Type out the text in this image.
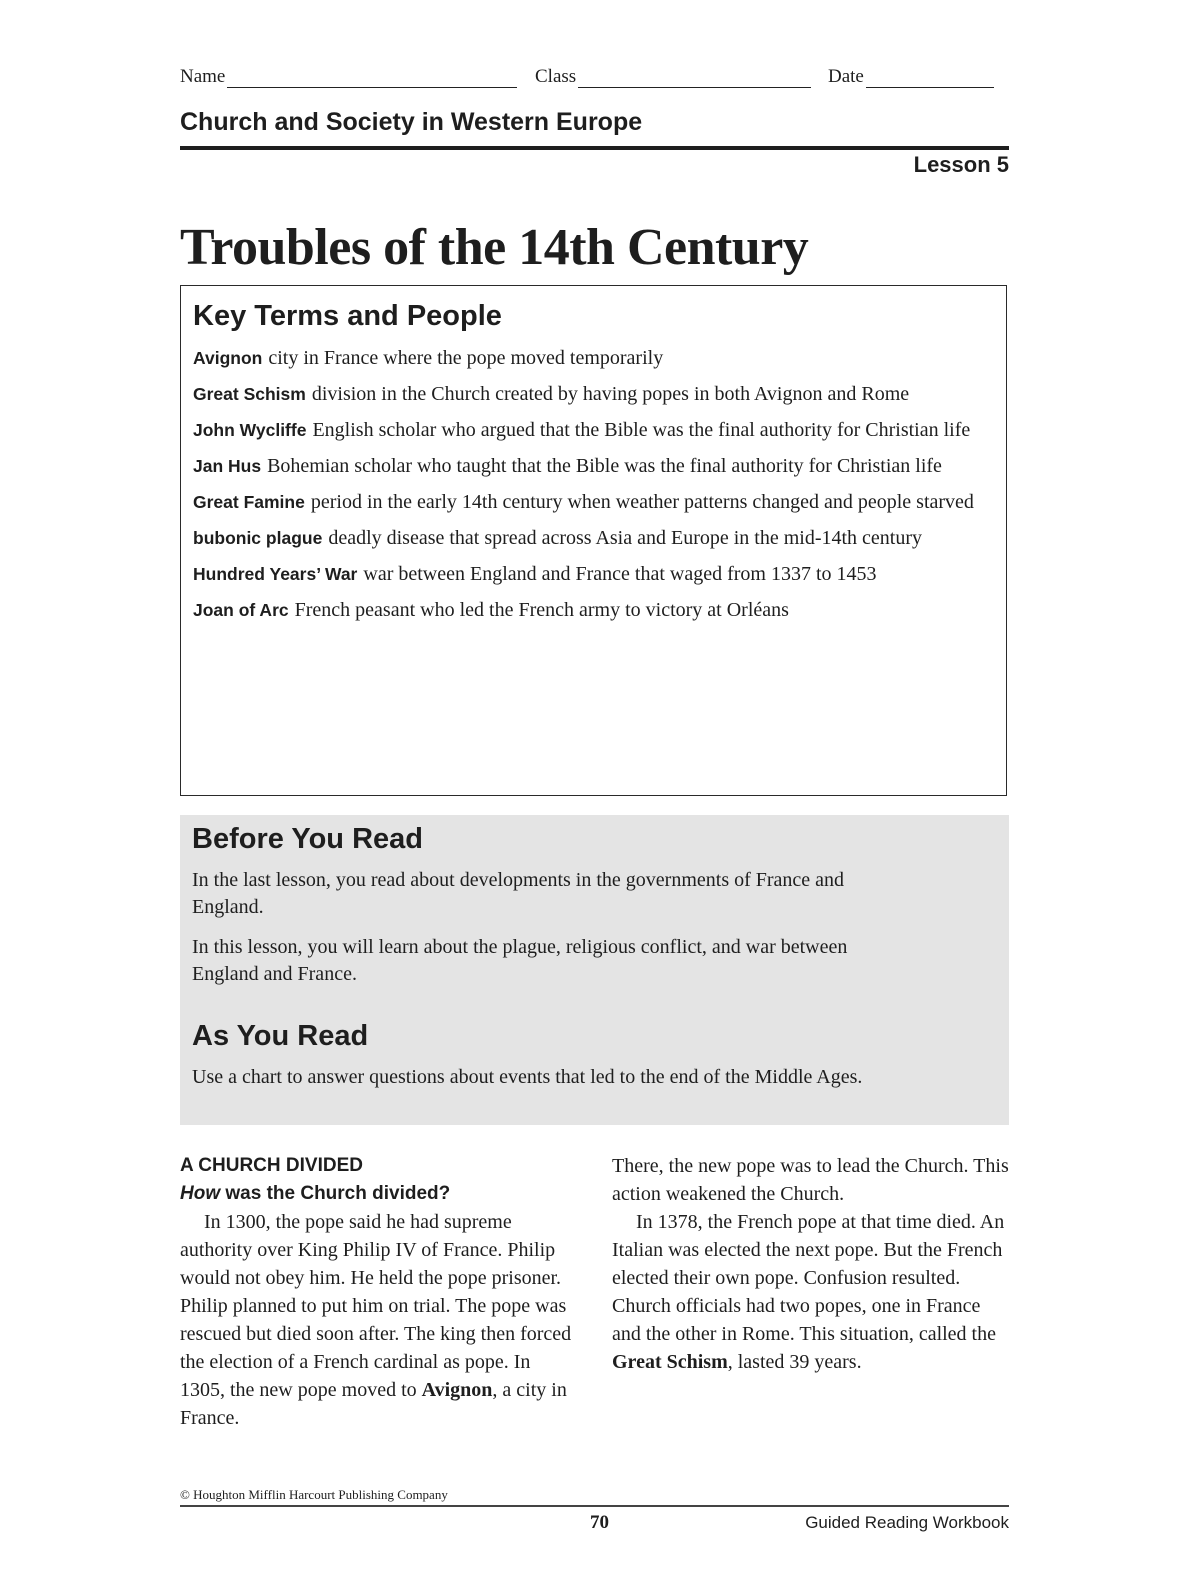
Name	Class	Date
Church and Society in Western Europe
Lesson 5
Troubles of the 14th Century
Key Terms and People
Avignon city in France where the pope moved temporarily
Great Schism division in the Church created by having popes in both Avignon and Rome
John Wycliffe English scholar who argued that the Bible was the final authority for Christian life
Jan Hus Bohemian scholar who taught that the Bible was the final authority for Christian life
Great Famine period in the early 14th century when weather patterns changed and people starved
bubonic plague deadly disease that spread across Asia and Europe in the mid-14th century
Hundred Years’ War war between England and France that waged from 1337 to 1453
Joan of Arc French peasant who led the French army to victory at Orléans
Before You Read
In the last lesson, you read about developments in the governments of France and England.
In this lesson, you will learn about the plague, religious conflict, and war between England and France.
As You Read
Use a chart to answer questions about events that led to the end of the Middle Ages.

A CHURCH DIVIDED

How was the Church divided?

In 1300, the pope said he had supreme authority over King Philip IV of France. Philip would not obey him. He held the pope prisoner. Philip planned to put him on trial. The pope was rescued but died soon after. The king then forced the election of a French cardinal as pope. In 1305, the new pope moved to Avignon, a city in France.

There, the new pope was to lead the Church. This action weakened the Church.

In 1378, the French pope at that time died. An Italian was elected the next pope. But the French elected their own pope. Confusion resulted. Church officials had two popes, one in France and the other in Rome. This situation, called the Great Schism, lasted 39 years.

© Houghton Mifflin Harcourt Publishing Company
70	Guided Reading Workbook
